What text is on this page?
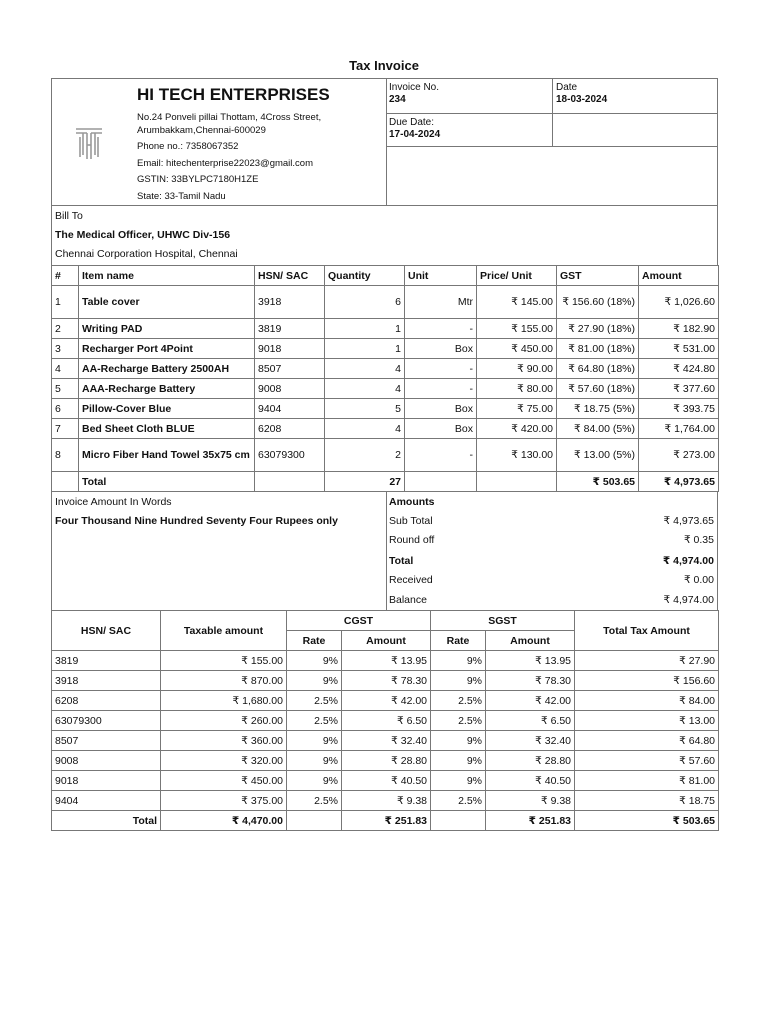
Tax Invoice
HI TECH ENTERPRISES
No.24 Ponveli pillai Thottam, 4Cross Street,
Arumbakkam,Chennai-600029
Phone no.: 7358067352
Email: hitechenterprise22023@gmail.com
GSTIN: 33BYLPC7180H1ZE
State: 33-Tamil Nadu
Invoice No.
234
Date
18-03-2024
Due Date:
17-04-2024
Bill To
The Medical Officer, UHWC Div-156
Chennai Corporation Hospital, Chennai
#	Item name	HSN/ SAC	Quantity	Unit	Price/ Unit	GST	Amount
1	Table cover	3918	6	Mtr	₹ 145.00	₹ 156.60 (18%)	₹ 1,026.60
2	Writing PAD	3819	1	-	₹ 155.00	₹ 27.90 (18%)	₹ 182.90
3	Recharger Port 4Point	9018	1	Box	₹ 450.00	₹ 81.00 (18%)	₹ 531.00
4	AA-Recharge Battery 2500AH	8507	4	-	₹ 90.00	₹ 64.80 (18%)	₹ 424.80
5	AAA-Recharge Battery	9008	4	-	₹ 80.00	₹ 57.60 (18%)	₹ 377.60
6	Pillow-Cover Blue	9404	5	Box	₹ 75.00	₹ 18.75 (5%)	₹ 393.75
7	Bed Sheet Cloth BLUE	6208	4	Box	₹ 420.00	₹ 84.00 (5%)	₹ 1,764.00
8	Micro Fiber Hand Towel 35x75 cm	63079300	2	-	₹ 130.00	₹ 13.00 (5%)	₹ 273.00
	Total		27			₹ 503.65	₹ 4,973.65
Invoice Amount In Words
Four Thousand Nine Hundred Seventy Four Rupees only
Amounts
Sub Total	₹ 4,973.65
Round off	₹ 0.35
Total	₹ 4,974.00
Received	₹ 0.00
Balance	₹ 4,974.00
HSN/ SAC	Taxable amount	CGST		SGST		Total Tax Amount
		Rate	Amount	Rate	Amount	
3819	₹ 155.00	9%	₹ 13.95	9%	₹ 13.95	₹ 27.90
3918	₹ 870.00	9%	₹ 78.30	9%	₹ 78.30	₹ 156.60
6208	₹ 1,680.00	2.5%	₹ 42.00	2.5%	₹ 42.00	₹ 84.00
63079300	₹ 260.00	2.5%	₹ 6.50	2.5%	₹ 6.50	₹ 13.00
8507	₹ 360.00	9%	₹ 32.40	9%	₹ 32.40	₹ 64.80
9008	₹ 320.00	9%	₹ 28.80	9%	₹ 28.80	₹ 57.60
9018	₹ 450.00	9%	₹ 40.50	9%	₹ 40.50	₹ 81.00
9404	₹ 375.00	2.5%	₹ 9.38	2.5%	₹ 9.38	₹ 18.75
Total	₹ 4,470.00		₹ 251.83		₹ 251.83	₹ 503.65
